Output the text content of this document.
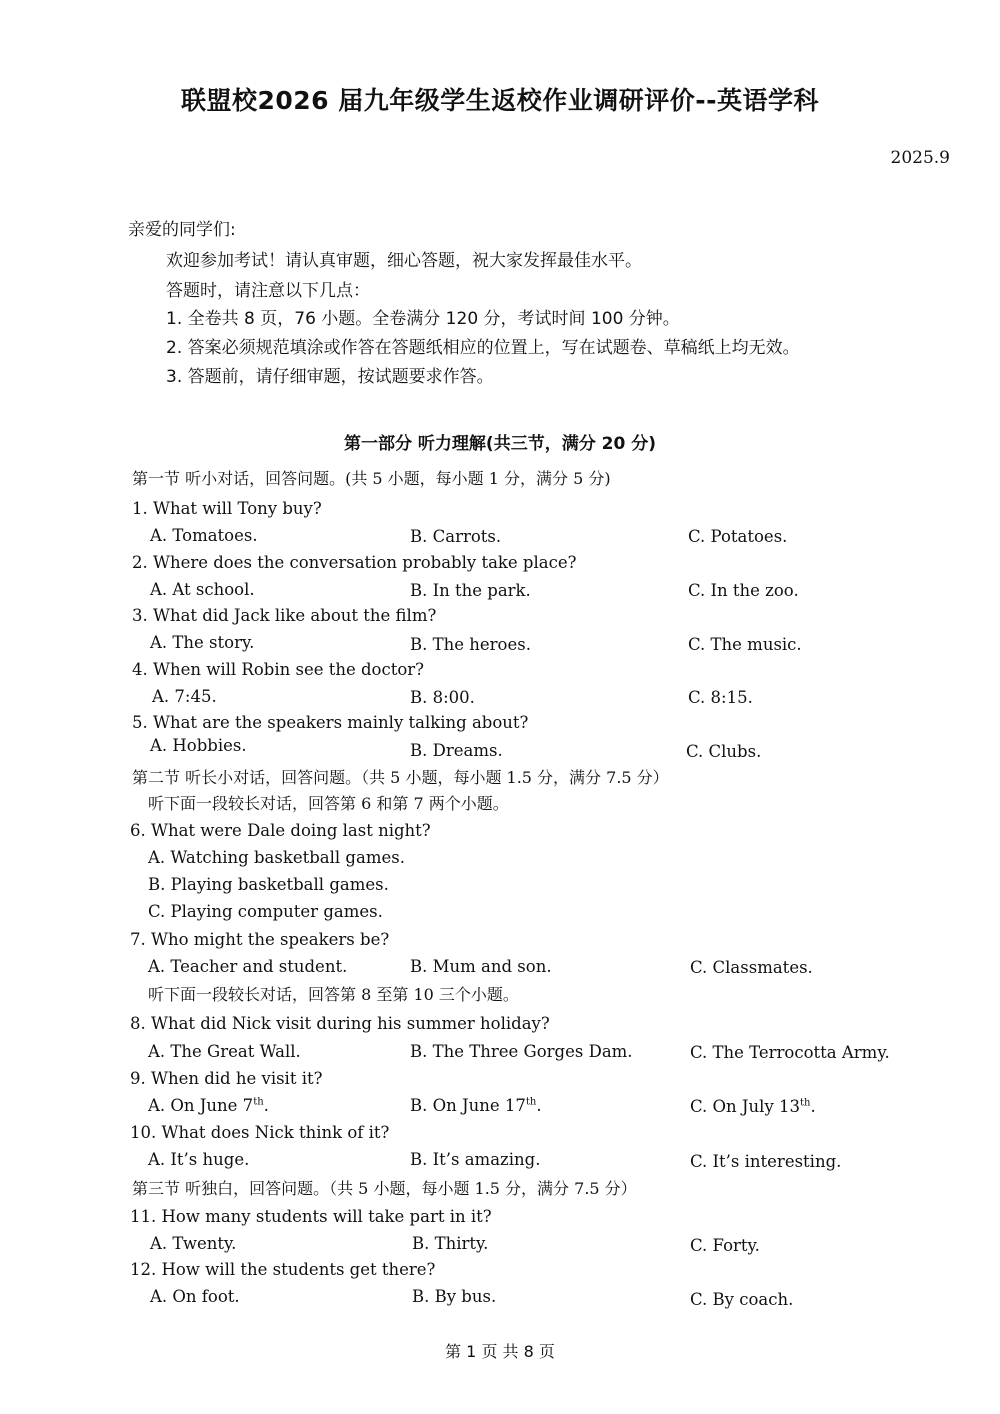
联盟校2026 届九年级学生返校作业调研评价--英语学科
2025.9
亲爱的同学们:
欢迎参加考试！请认真审题，细心答题，祝大家发挥最佳水平。
答题时，请注意以下几点：
1. 全卷共 8 页，76 小题。全卷满分 120 分，考试时间 100 分钟。
2. 答案必须规范填涂或作答在答题纸相应的位置上，写在试题卷、草稿纸上均无效。
3. 答题前，请仔细审题，按试题要求作答。
第一部分 听力理解(共三节，满分 20 分)
第一节 听小对话，回答问题。(共 5 小题，每小题 1 分，满分 5 分)
1. What will Tony buy?
A. Tomatoes.	B. Carrots.	C. Potatoes.
2. Where does the conversation probably take place?
A. At school.	B. In the park.	C. In the zoo.
3. What did Jack like about the film?
A. The story.	B. The heroes.	C. The music.
4. When will Robin see the doctor?
A. 7:45.	B. 8:00.	C. 8:15.
5. What are the speakers mainly talking about?
A. Hobbies.	B. Dreams.	C. Clubs.
第二节 听长小对话，回答问题。（共 5 小题，每小题 1.5 分，满分 7.5 分）
听下面一段较长对话，回答第 6 和第 7 两个小题。
6. What were Dale doing last night?
A. Watching basketball games.
B. Playing basketball games.
C. Playing computer games.
7. Who might the speakers be?
A. Teacher and student.	B. Mum and son.	C. Classmates.
听下面一段较长对话，回答第 8 至第 10 三个小题。
8. What did Nick visit during his summer holiday?
A. The Great Wall.	B. The Three Gorges Dam.	C. The Terrocotta Army.
9. When did he visit it?
A. On June 7th.	B. On June 17th.	C. On July 13th.
10. What does Nick think of it?
A. It’s huge.	B. It’s amazing.	C. It’s interesting.
第三节 听独白，回答问题。（共 5 小题，每小题 1.5 分，满分 7.5 分）
11. How many students will take part in it?
A. Twenty.	B. Thirty.	C. Forty.
12. How will the students get there?
A. On foot.	B. By bus.	C. By coach.
第 1 页 共 8 页
